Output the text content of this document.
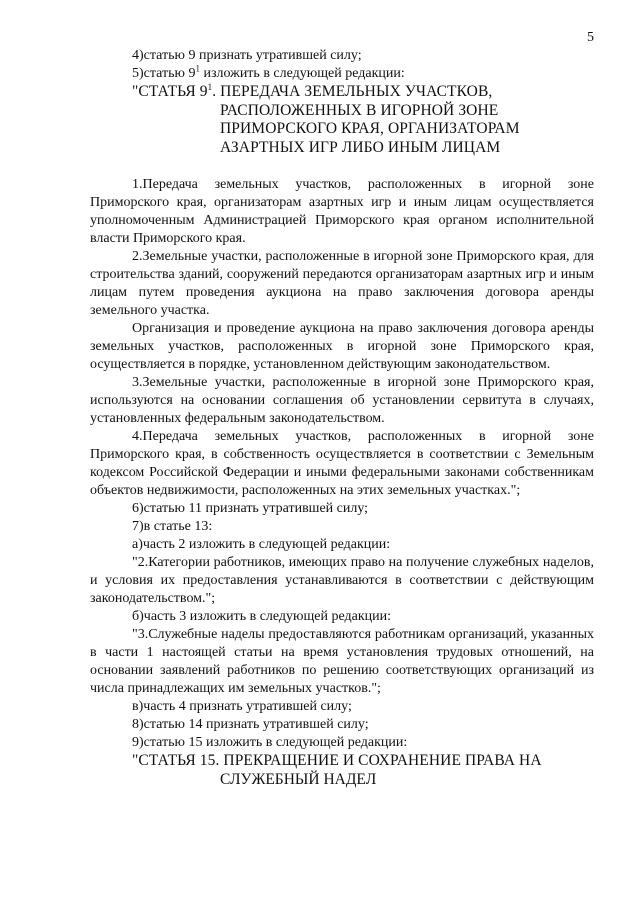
5
4)статью 9 признать утратившей силу;
5)статью $9^1$ изложить в следующей редакции:
"СТАТЬЯ $9^1$. ПЕРЕДАЧА ЗЕМЕЛЬНЫХ УЧАСТКОВ,
РАСПОЛОЖЕННЫХ В ИГОРНОЙ ЗОНЕ
ПРИМОРСКОГО КРАЯ, ОРГАНИЗАТОРАМ
АЗАРТНЫХ ИГР ЛИБО ИНЫМ ЛИЦАМ
1.Передача земельных участков, расположенных в игорной зоне Приморского края, организаторам азартных игр и иным лицам осуществляется уполномоченным Администрацией Приморского края органом исполнительной власти Приморского края.
2.Земельные участки, расположенные в игорной зоне Приморского края, для строительства зданий, сооружений передаются организаторам азартных игр и иным лицам путем проведения аукциона на право заключения договора аренды земельного участка.
Организация и проведение аукциона на право заключения договора аренды земельных участков, расположенных в игорной зоне Приморского края, осуществляется в порядке, установленном действующим законодательством.
3.Земельные участки, расположенные в игорной зоне Приморского края, используются на основании соглашения об установлении сервитута в случаях, установленных федеральным законодательством.
4.Передача земельных участков, расположенных в игорной зоне Приморского края, в собственность осуществляется в соответствии с Земельным кодексом Российской Федерации и иными федеральными законами собственникам объектов недвижимости, расположенных на этих земельных участках.";
6)статью 11 признать утратившей силу;
7)в статье 13:
а)часть 2 изложить в следующей редакции:
"2.Категории работников, имеющих право на получение служебных наделов, и условия их предоставления устанавливаются в соответствии с действующим законодательством.";
б)часть 3 изложить в следующей редакции:
"3.Служебные наделы предоставляются работникам организаций, указанных в части 1 настоящей статьи на время установления трудовых отношений, на основании заявлений работников по решению соответствующих организаций из числа принадлежащих им земельных участков.";
в)часть 4 признать утратившей силу;
8)статью 14 признать утратившей силу;
9)статью 15 изложить в следующей редакции:
"СТАТЬЯ 15. ПРЕКРАЩЕНИЕ И СОХРАНЕНИЕ ПРАВА НА
СЛУЖЕБНЫЙ НАДЕЛ
